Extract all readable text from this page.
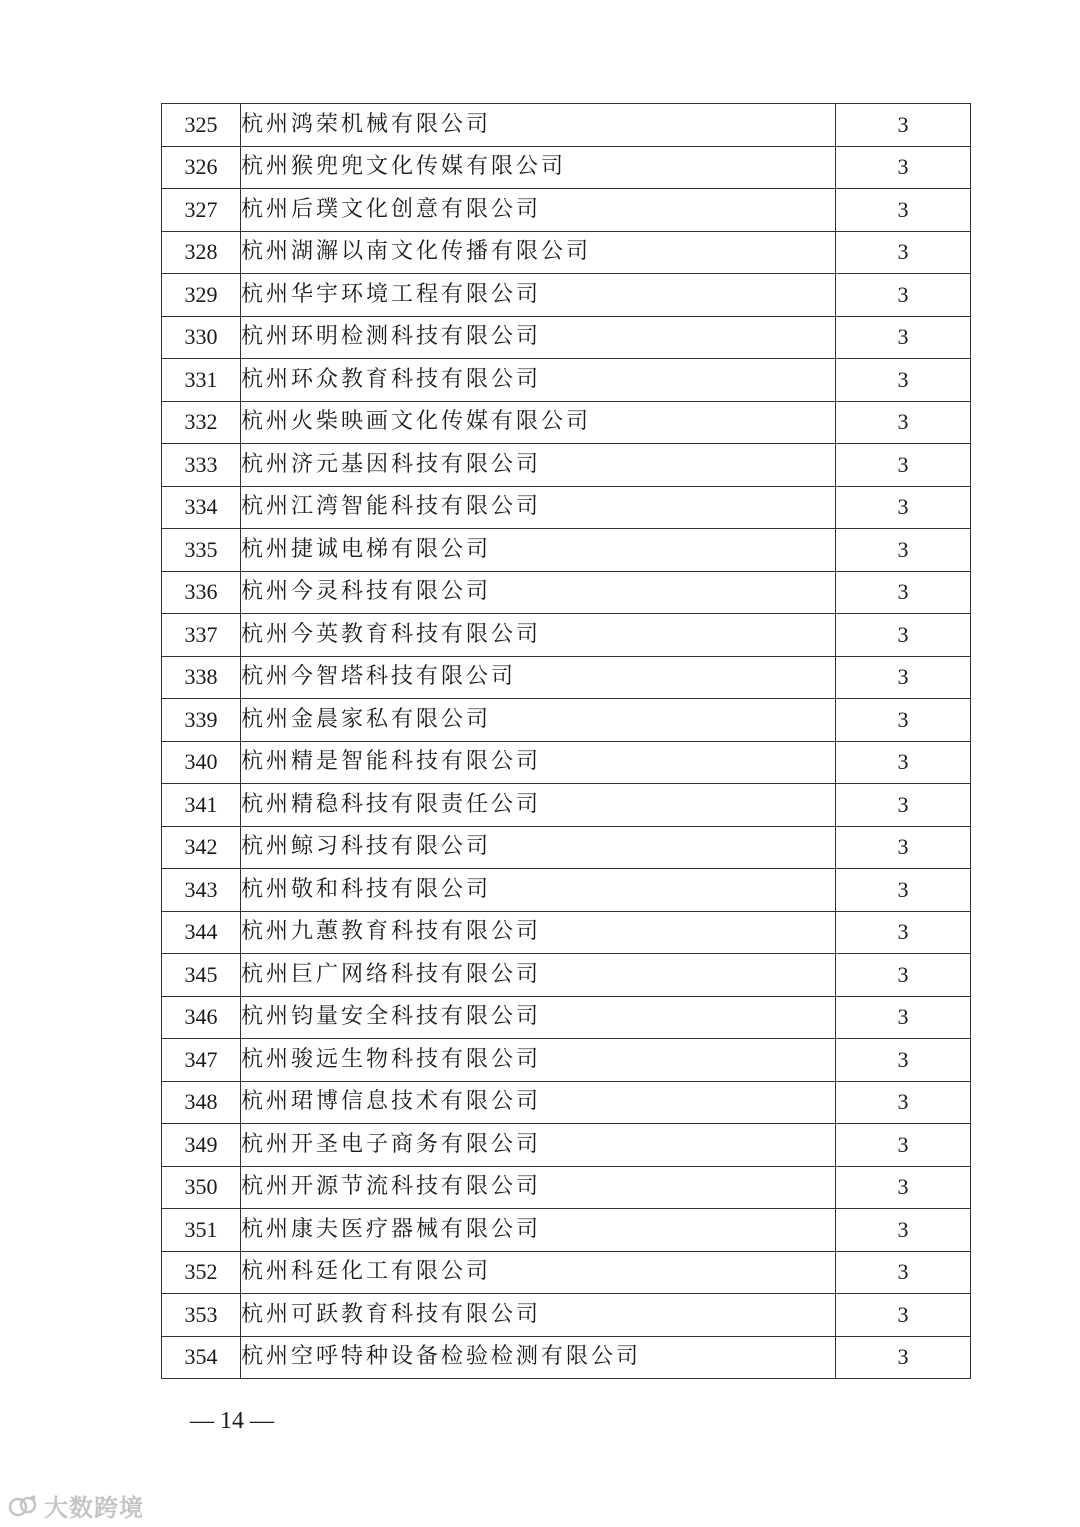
325	杭州鸿荣机械有限公司	3
326	杭州猴兜兜文化传媒有限公司	3
327	杭州后璞文化创意有限公司	3
328	杭州湖澥以南文化传播有限公司	3
329	杭州华宇环境工程有限公司	3
330	杭州环明检测科技有限公司	3
331	杭州环众教育科技有限公司	3
332	杭州火柴映画文化传媒有限公司	3
333	杭州济元基因科技有限公司	3
334	杭州江湾智能科技有限公司	3
335	杭州捷诚电梯有限公司	3
336	杭州今灵科技有限公司	3
337	杭州今英教育科技有限公司	3
338	杭州今智塔科技有限公司	3
339	杭州金晨家私有限公司	3
340	杭州精是智能科技有限公司	3
341	杭州精稳科技有限责任公司	3
342	杭州鲸习科技有限公司	3
343	杭州敬和科技有限公司	3
344	杭州九蕙教育科技有限公司	3
345	杭州巨广网络科技有限公司	3
346	杭州钧量安全科技有限公司	3
347	杭州骏远生物科技有限公司	3
348	杭州珺博信息技术有限公司	3
349	杭州开圣电子商务有限公司	3
350	杭州开源节流科技有限公司	3
351	杭州康夫医疗器械有限公司	3
352	杭州科廷化工有限公司	3
353	杭州可跃教育科技有限公司	3
354	杭州空呼特种设备检验检测有限公司	3
— 14 —
大数跨境
